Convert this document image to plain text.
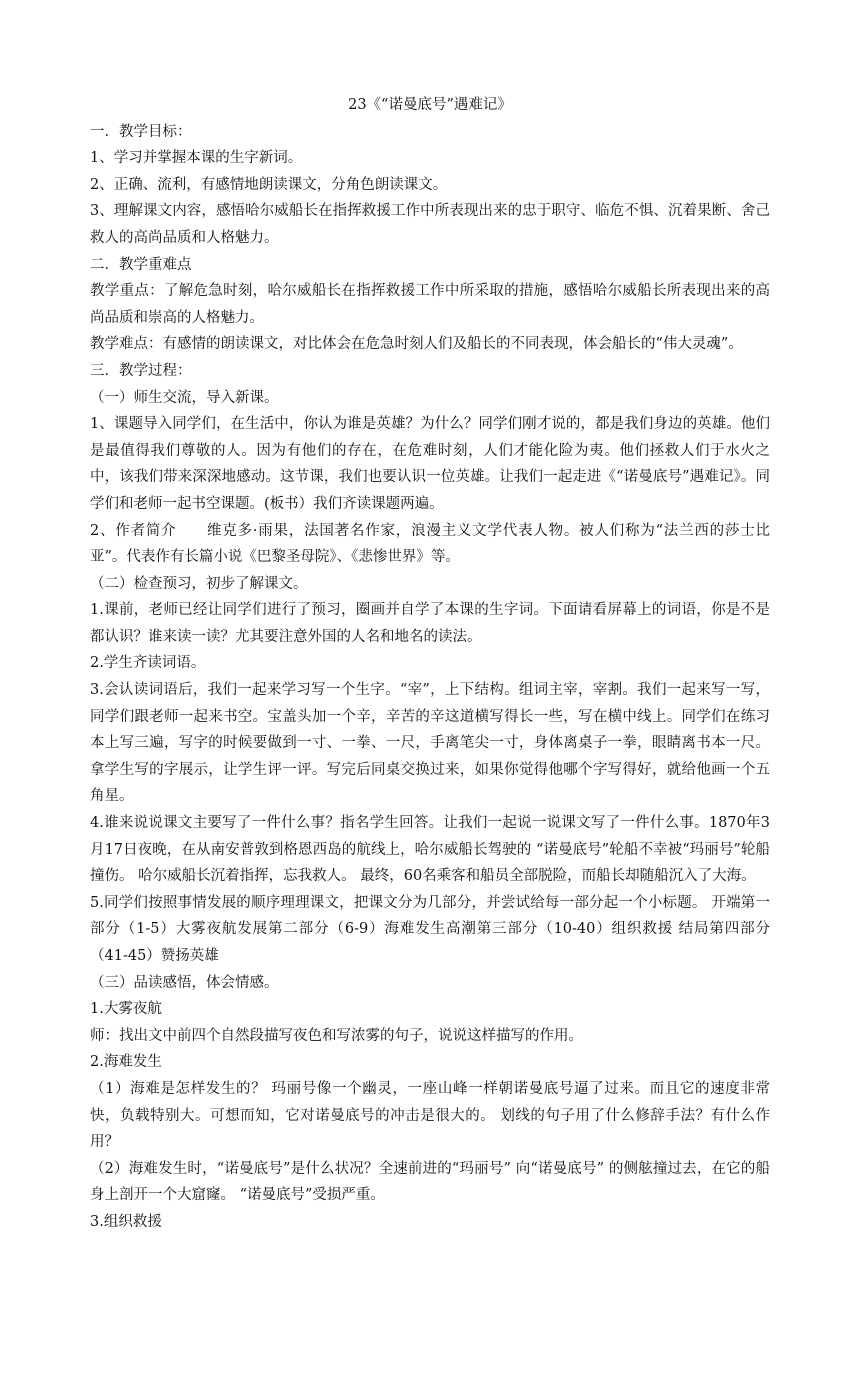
23《“诺曼底号”遇难记》

一．教学目标：

1、学习并掌握本课的生字新词。

2、正确、流利，有感情地朗读课文，分角色朗读课文。

3、理解课文内容，感悟哈尔威船长在指挥救援工作中所表现出来的忠于职守、临危不惧、沉着果断、舍己救人的高尚品质和人格魅力。

二．教学重难点

教学重点：了解危急时刻，哈尔威船长在指挥救援工作中所采取的措施，感悟哈尔威船长所表现出来的高尚品质和崇高的人格魅力。

教学难点：有感情的朗读课文，对比体会在危急时刻人们及船长的不同表现，体会船长的“伟大灵魂”。

三．教学过程：

（一）师生交流，导入新课。

1、课题导入同学们，在生活中，你认为谁是英雄？为什么？同学们刚才说的，都是我们身边的英雄。他们是最值得我们尊敬的人。因为有他们的存在，在危难时刻，人们才能化险为夷。他们拯救人们于水火之中，该我们带来深深地感动。这节课，我们也要认识一位英雄。让我们一起走进《“诺曼底号”遇难记》。同学们和老师一起书空课题。(板书）我们齐读课题两遍。

2、作者简介　　维克多·雨果，法国著名作家，浪漫主义文学代表人物。被人们称为“法兰西的莎士比亚”。代表作有长篇小说《巴黎圣母院》、《悲惨世界》等。

（二）检查预习，初步了解课文。

1.课前，老师已经让同学们进行了预习，圈画并自学了本课的生字词。下面请看屏幕上的词语，你是不是都认识？谁来读一读？尤其要注意外国的人名和地名的读法。

2.学生齐读词语。

3.会认读词语后，我们一起来学习写一个生字。“宰”，上下结构。组词主宰，宰割。我们一起来写一写，同学们跟老师一起来书空。宝盖头加一个辛，辛苦的辛这道横写得长一些，写在横中线上。同学们在练习本上写三遍，写字的时候要做到一寸、一拳、一尺，手离笔尖一寸，身体离桌子一拳，眼睛离书本一尺。拿学生写的字展示，让学生评一评。写完后同桌交换过来，如果你觉得他哪个字写得好，就给他画一个五角星。

4.谁来说说课文主要写了一件什么事？指名学生回答。让我们一起说一说课文写了一件什么事。1870年3月17日夜晚，在从南安普敦到格恩西岛的航线上，哈尔威船长驾驶的 “诺曼底号”轮船不幸被“玛丽号”轮船撞伤。 哈尔威船长沉着指挥，忘我救人。 最终，60名乘客和船员全部脱险，而船长却随船沉入了大海。

5.同学们按照事情发展的顺序理理课文，把课文分为几部分，并尝试给每一部分起一个小标题。 开端第一部分（1-5）大雾夜航发展第二部分（6-9）海难发生高潮第三部分（10-40）组织救援 结局第四部分（41-45）赞扬英雄

（三）品读感悟，体会情感。

1.大雾夜航

师：找出文中前四个自然段描写夜色和写浓雾的句子，说说这样描写的作用。

2.海难发生

（1）海难是怎样发生的？ 玛丽号像一个幽灵，一座山峰一样朝诺曼底号逼了过来。而且它的速度非常快，负载特别大。可想而知，它对诺曼底号的冲击是很大的。 划线的句子用了什么修辞手法？有什么作用？

（2）海难发生时，“诺曼底号”是什么状况？全速前进的“玛丽号” 向“诺曼底号” 的侧舷撞过去，在它的船身上剖开一个大窟窿。 “诺曼底号”受损严重。

3.组织救援
